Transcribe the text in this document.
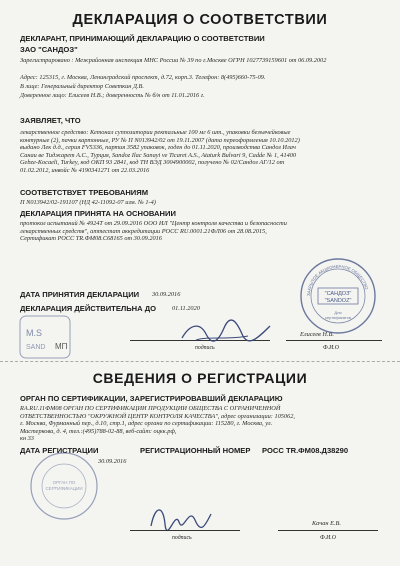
ДЕКЛАРАЦИЯ О СООТВЕТСТВИИ
ДЕКЛАРАНТ, ПРИНИМАЮЩИЙ ДЕКЛАРАЦИЮ О СООТВЕТСТВИИ
ЗАО "САНДОЗ"
Зарегистрировано : Межрайонная инспекция МНС России № 39 по г.Москве ОГРН 1027739159601 от 06.09.2002
Адрес: 125315, г. Москва, Ленинградский проспект, д.72, корп.3. Телефон: 8(495)660-75-09.
В лице: Генеральный директор Советкин Д.В.
Доверенное лицо: Елисеев Н.В.; доверенность № б/н от 11.01.2016 г.
ЗАЯВЛЯЕТ, ЧТО
лекарственное средство: Кетонал суппозитории ректальные 100 мг 6 шт., упаковки безъячейковые
контурные (2), пачки картонные, РУ № П N013942/02 от 19.11.2007 (дата переоформления 10.10.2012)
выдано Лек д.д., серия FV5336, партия 3582 упаковок, годен до 01.11.2020, производства Сандоз Илач
Санаи ве Тиджарет А.С., Турция, Sandoz Ilac Sanayi ve Ticaret A.S., Ataturk Bulvari 9, Cadde № 1, 41400
Gebze-Kocaeli, Turkey, код ОКП 93 2841, код ТН ВЭД 3004900002, получено № 02/Сандоз АГ/12 от
01.02.2012, инвойс № 4190341271 от 22.03.2016
СООТВЕТСТВУЕТ ТРЕБОВАНИЯМ
П N013942/02-191107 (НД 42-11092-07 изм. № 1-4)
ДЕКЛАРАЦИЯ ПРИНЯТА НА ОСНОВАНИИ
протокол испытаний № 4924Т от 29.09.2016 ООО ИЛ "Центр контроля качества и безопасности
лекарственных средств", аттестат аккредитации РОСС RU.0001.21ФЛ06 от 28.08.2015,
Сертификат РОСС ТR.ФМ08.С68165 от 30.09.2016
ДАТА ПРИНЯТИЯ ДЕКЛАРАЦИИ 30.09.2016
ДЕКЛАРАЦИЯ ДЕЙСТВИТЕЛЬНА ДО	01.11.2020
M.S
SAND МП	подпись
Елисеев Н.В.
Ф.И.О
ЗАКРЫТОЕ АКЦИОНЕРНОЕ ОБЩЕСТВО
"САНДОЗ"
"SANDOZ"
Для
сертификатов
СВЕДЕНИЯ О РЕГИСТРАЦИИ
ОРГАН ПО СЕРТИФИКАЦИИ, ЗАРЕГИСТРИРОВАВШИЙ ДЕКЛАРАЦИЮ
RA.RU.11ФМ08 ОРГАН ПО СЕРТИФИКАЦИИ ПРОДУКЦИИ ОБЩЕСТВА С ОГРАНИЧЕННОЙ
ОТВЕТСТВЕННОСТЬЮ "ОКРУЖНОЙ ЦЕНТР КОНТРОЛЯ КАЧЕСТВА", адрес организации: 105062,
г. Москва, Фурманный пер., д.10, стр.1, адрес органа по сертификации: 115280, г. Москва, ул.
Мастеркова, д. 4, тел.:(495)788-02-88, веб-сайт: оцкк.рф,
кн 33
ДАТА РЕГИСТРАЦИИ	РЕГИСТРАЦИОННЫЙ НОМЕР РОСС ТR.ФМ08.Д38290
30.09.2016
ОРГАН ПО
СЕРТИФИКАЦИИ
подпись
Качан Е.В.
Ф.И.О
